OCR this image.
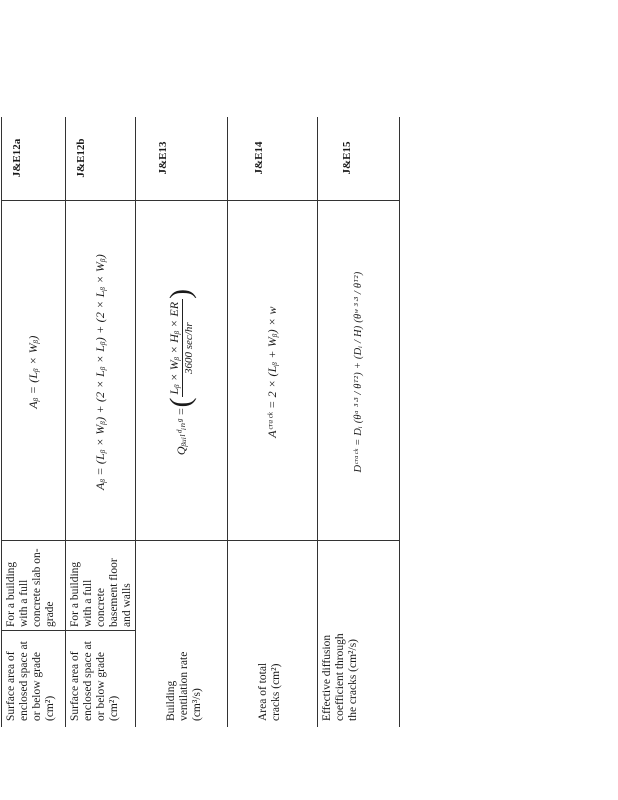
Surface area of enclosed space at or below grade (cm²)
For a building with a full concrete slab on-grade
Aᵦ = (Lᵦ × Wᵦ)
J&E12a
Surface area of enclosed space at or below grade (cm²)
For a building with a full concrete basement floor and walls
Aᵦ = (Lᵦ × Wᵦ) + (2 × Lᵦ × Lᵦ) + (2 × Lᵦ × Wᵦ)
J&E12b
Building ventilation rate (cm³/s)
Qᵦᵤᵢₗᵈᵢₙᵍ =
(
Lᵦ × Wᵦ × Hᵦ × ER 3600 sec/hr
)
J&E13
Area of total cracks (cm²)
Aᶜʳᵃᶜᵏ = 2 × (Lᵦ + Wᵦ) × w
J&E14
Effective diffusion coefficient through the cracks (cm²/s)
Dᶜʳᵃᶜᵏ = Dᵢ (θᵃ ³ᐧ³ / θᵀ²) + (Dᵢ / H) (θʷ ³ᐧ³ / θᵀ²)
J&E15
